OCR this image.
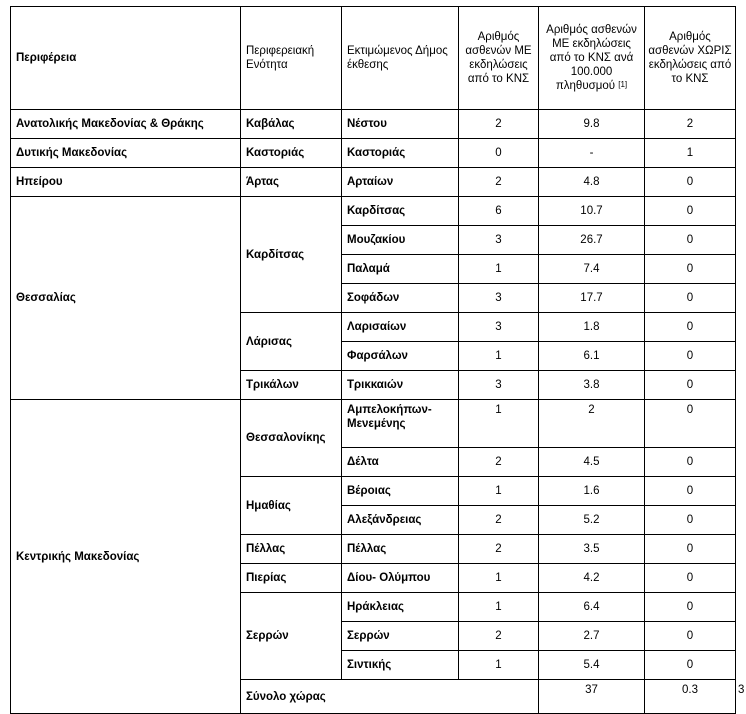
Περιφέρεια	Περιφερειακή Ενότητα	Εκτιμώμενος Δήμος έκθεσης	Αριθμός ασθενών ΜΕ εκδηλώσεις από το ΚΝΣ	Αριθμός ασθενών ΜΕ εκδηλώσεις από το ΚΝΣ ανά 100.000 πληθυσμού [1]	Αριθμός ασθενών ΧΩΡΙΣ εκδηλώσεις από το ΚΝΣ	
Ανατολικής Μακεδονίας & Θράκης	Καβάλας	Νέστου	2	9.8	2	
Δυτικής Μακεδονίας	Καστοριάς	Καστοριάς	0	-	1	
Ηπείρου	Άρτας	Αρταίων	2	4.8	0	
Θεσσαλίας	Καρδίτσας	Καρδίτσας	6	10.7	0	
		Μουζακίου	3	26.7	0	
		Παλαμά	1	7.4	0	
		Σοφάδων	3	17.7	0	
	Λάρισας	Λαρισαίων	3	1.8	0	
		Φαρσάλων	1	6.1	0	
	Τρικάλων	Τρικκαιών	3	3.8	0	
Κεντρικής Μακεδονίας	Θεσσαλονίκης	Αμπελοκήπων- Μενεμένης	1	2	0	
		Δέλτα	2	4.5	0	
	Ημαθίας	Βέροιας	1	1.6	0	
		Αλεξάνδρειας	2	5.2	0	
	Πέλλας	Πέλλας	2	3.5	0	
	Πιερίας	Δίου- Ολύμπου	1	4.2	0	
	Σερρών	Ηράκλειας	1	6.4	0	
		Σερρών	2	2.7	0	
		Σιντικής	1	5.4	0	
	Σύνολο χώρας			37	0.3	3
